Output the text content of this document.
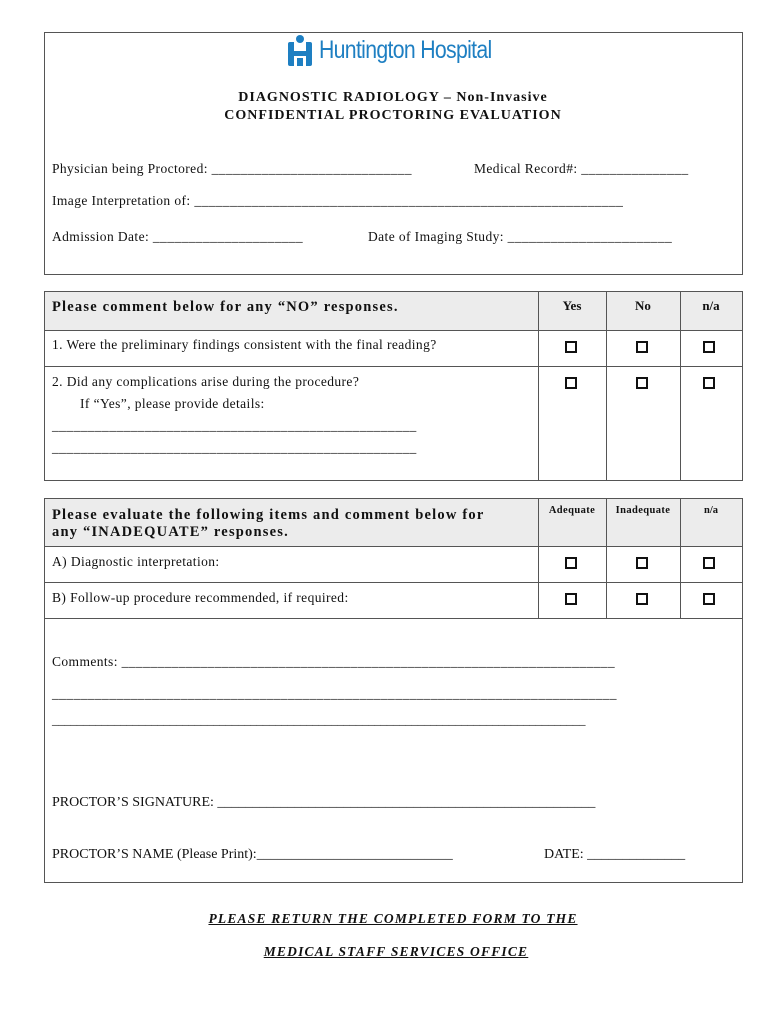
Huntington Hospital
DIAGNOSTIC RADIOLOGY – Non-Invasive
CONFIDENTIAL PROCTORING EVALUATION
Physician being Proctored: ____________________________	Medical Record#: _______________
Image Interpretation of: ____________________________________________________________
Admission Date: _____________________	Date of Imaging Study: _______________________
Please comment below for any “NO” responses.	Yes	No	n/a
1. Were the preliminary findings consistent with the final reading?
2. Did any complications arise during the procedure?
If “Yes”, please provide details:
___________________________________________________
___________________________________________________
Please evaluate the following items and comment below for
any “INADEQUATE” responses.
Adequate	Inadequate	n/a
A) Diagnostic interpretation:
B) Follow-up procedure recommended, if required:
Comments: _____________________________________________________________________
_______________________________________________________________________________
______________________________________________________________________________________
PROCTOR’S SIGNATURE: ______________________________________________________
PROCTOR’S NAME (Please Print):____________________________	DATE: ______________
PLEASE RETURN THE COMPLETED FORM TO THE
MEDICAL STAFF SERVICES OFFICE
